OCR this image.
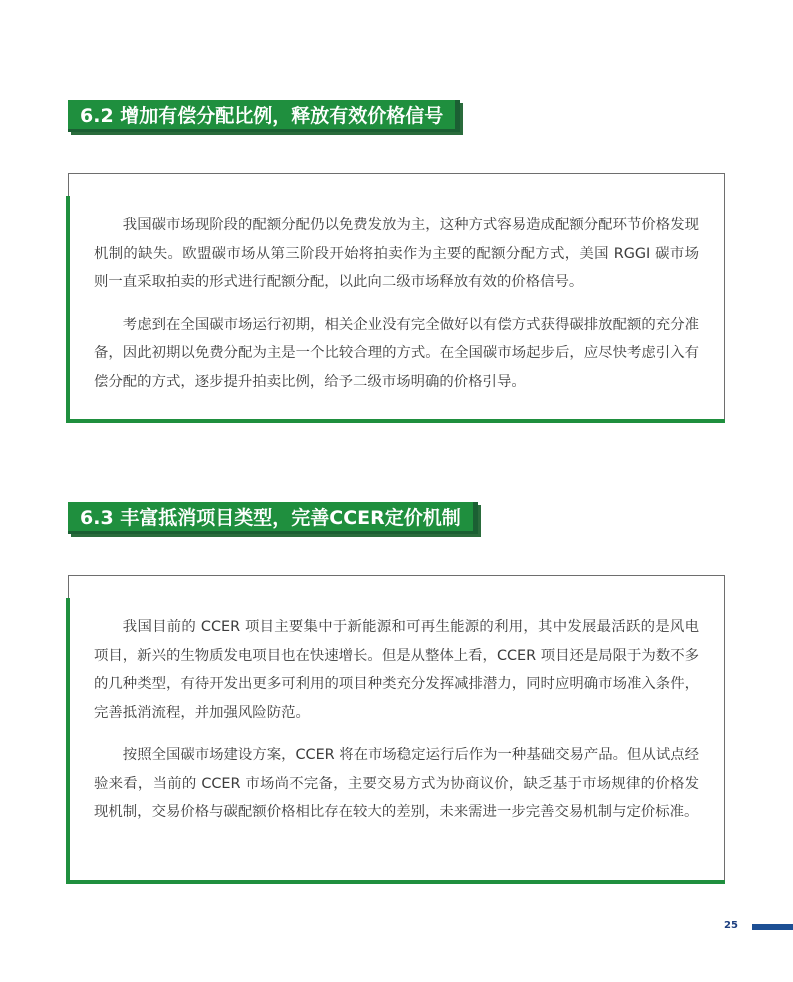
6.2 增加有偿分配比例，释放有效价格信号

我国碳市场现阶段的配额分配仍以免费发放为主，这种方式容易造成配额分配环节价格发现机制的缺失。欧盟碳市场从第三阶段开始将拍卖作为主要的配额分配方式，美国 RGGI 碳市场则一直采取拍卖的形式进行配额分配，以此向二级市场释放有效的价格信号。

考虑到在全国碳市场运行初期，相关企业没有完全做好以有偿方式获得碳排放配额的充分准备，因此初期以免费分配为主是一个比较合理的方式。在全国碳市场起步后，应尽快考虑引入有偿分配的方式，逐步提升拍卖比例，给予二级市场明确的价格引导。

6.3 丰富抵消项目类型，完善CCER定价机制

我国目前的 CCER 项目主要集中于新能源和可再生能源的利用，其中发展最活跃的是风电项目，新兴的生物质发电项目也在快速增长。但是从整体上看，CCER 项目还是局限于为数不多的几种类型，有待开发出更多可利用的项目种类充分发挥减排潜力，同时应明确市场准入条件，完善抵消流程，并加强风险防范。

按照全国碳市场建设方案，CCER 将在市场稳定运行后作为一种基础交易产品。但从试点经验来看，当前的 CCER 市场尚不完备，主要交易方式为协商议价，缺乏基于市场规律的价格发现机制，交易价格与碳配额价格相比存在较大的差别，未来需进一步完善交易机制与定价标准。

25
